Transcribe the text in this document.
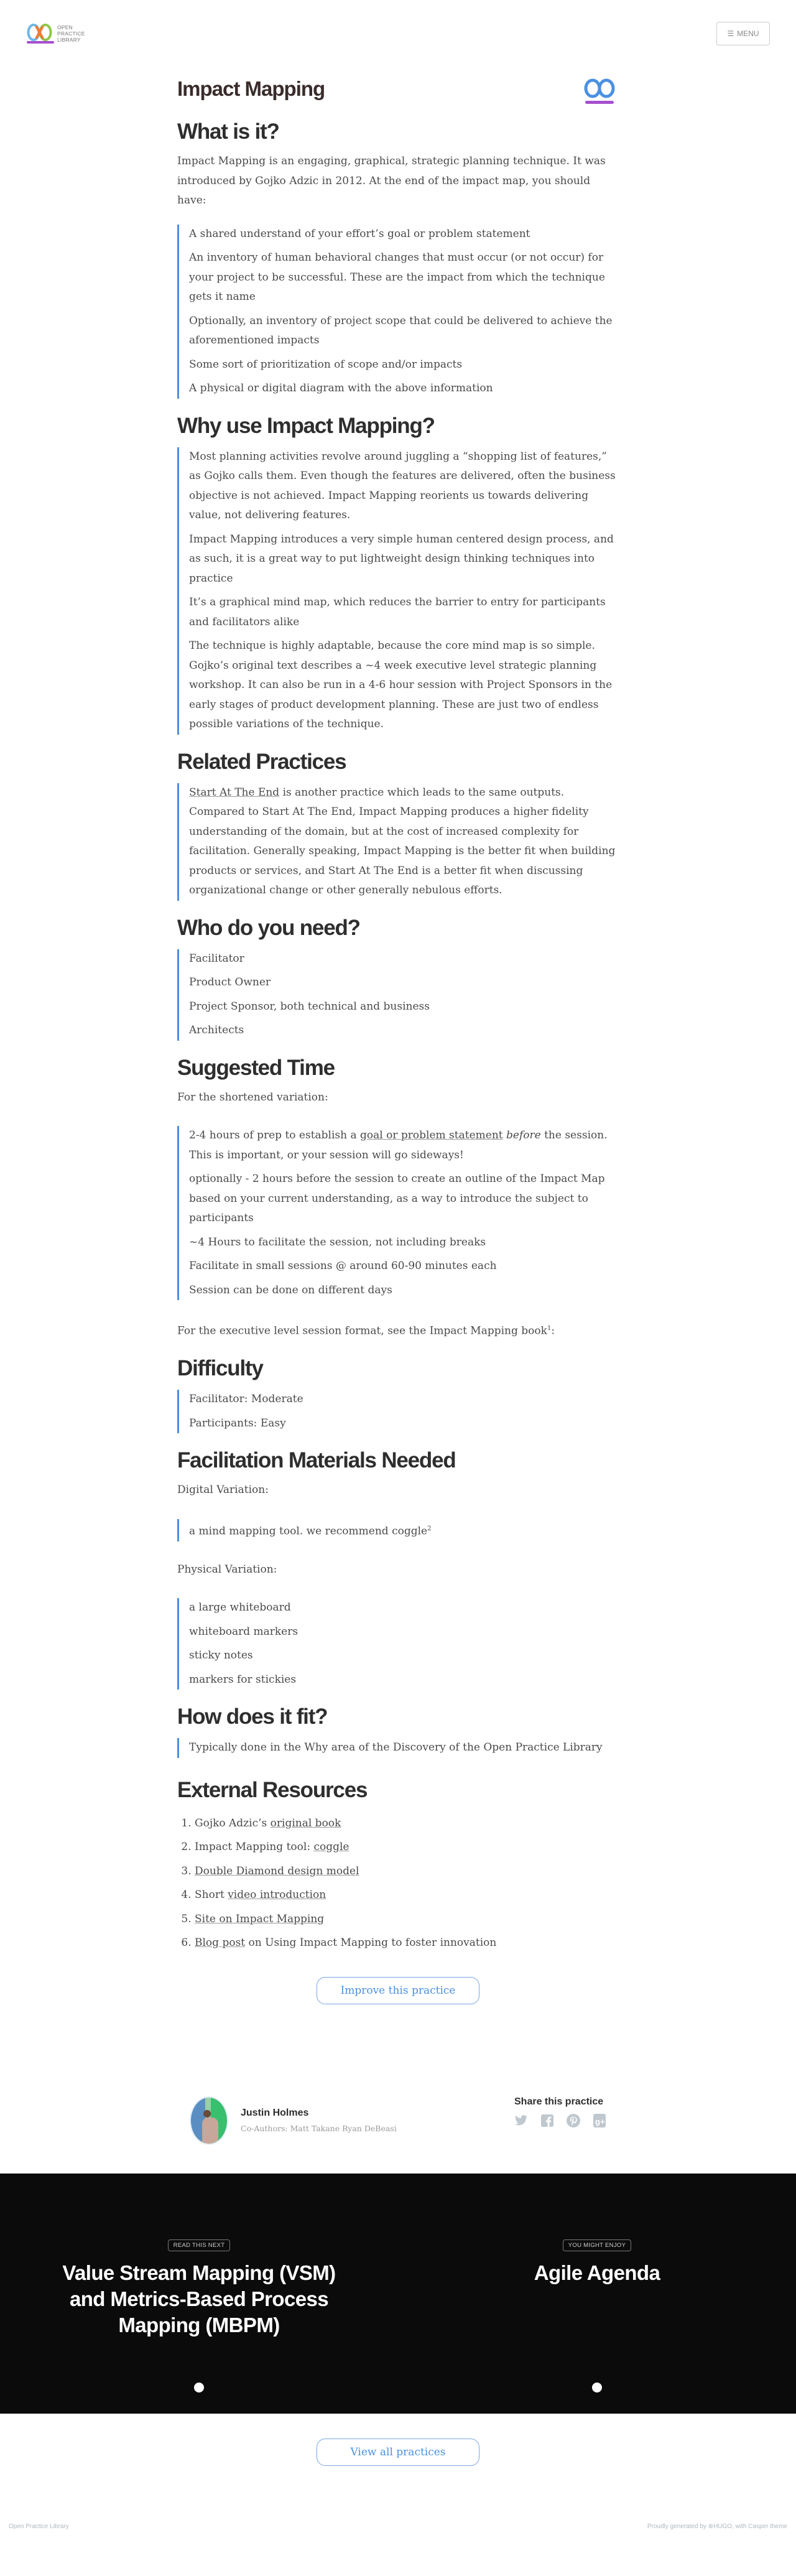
OPEN
PRACTICE
LIBRARY
☰ MENU
Impact Mapping
What is it?

Impact Mapping is an engaging, graphical, strategic planning technique. It was introduced by Gojko Adzic in 2012. At the end of the impact map, you should have:

A shared understand of your effort’s goal or problem statement

An inventory of human behavioral changes that must occur (or not occur) for your project to be successful. These are the impact from which the technique gets it name

Optionally, an inventory of project scope that could be delivered to achieve the aforementioned impacts

Some sort of prioritization of scope and/or impacts

A physical or digital diagram with the above information

Why use Impact Mapping?

Most planning activities revolve around juggling a “shopping list of features,” as Gojko calls them. Even though the features are delivered, often the business objective is not achieved. Impact Mapping reorients us towards delivering value, not delivering features.

Impact Mapping introduces a very simple human centered design process, and as such, it is a great way to put lightweight design thinking techniques into practice

It’s a graphical mind map, which reduces the barrier to entry for participants and facilitators alike

The technique is highly adaptable, because the core mind map is so simple. Gojko’s original text describes a ~4 week executive level strategic planning workshop. It can also be run in a 4-6 hour session with Project Sponsors in the early stages of product development planning. These are just two of endless possible variations of the technique.

Related Practices

Start At The End is another practice which leads to the same outputs. Compared to Start At The End, Impact Mapping produces a higher fidelity understanding of the domain, but at the cost of increased complexity for facilitation. Generally speaking, Impact Mapping is the better fit when building products or services, and Start At The End is a better fit when discussing organizational change or other generally nebulous efforts.

Who do you need?

Facilitator

Product Owner

Project Sponsor, both technical and business

Architects

Suggested Time

For the shortened variation:

2-4 hours of prep to establish a goal or problem statement before the session. This is important, or your session will go sideways!

optionally - 2 hours before the session to create an outline of the Impact Map based on your current understanding, as a way to introduce the subject to participants

~4 Hours to facilitate the session, not including breaks

Facilitate in small sessions @ around 60-90 minutes each

Session can be done on different days

For the executive level session format, see the Impact Mapping book$^1$:

Difficulty

Facilitator: Moderate

Participants: Easy

Facilitation Materials Needed

Digital Variation:

a mind mapping tool. we recommend coggle$^2$

Physical Variation:

a large whiteboard

whiteboard markers

sticky notes

markers for stickies

How does it fit?

Typically done in the Why area of the Discovery of the Open Practice Library

External Resources
1. Gojko Adzic’s original book
2. Impact Mapping tool: coggle
3. Double Diamond design model
4. Short video introduction
5. Site on Impact Mapping
6. Blog post on Using Impact Mapping to foster innovation
Improve this practice
Justin Holmes
Co-Authors: Matt Takane Ryan DeBeasi
Share this practice
g+
READ THIS NEXT
Value Stream Mapping (VSM) and Metrics-Based Process Mapping (MBPM)
YOU MIGHT ENJOY
Agile Agenda
View all practices
Open Practice Library	Proudly generated by ⊕HUGO, with Casper theme
